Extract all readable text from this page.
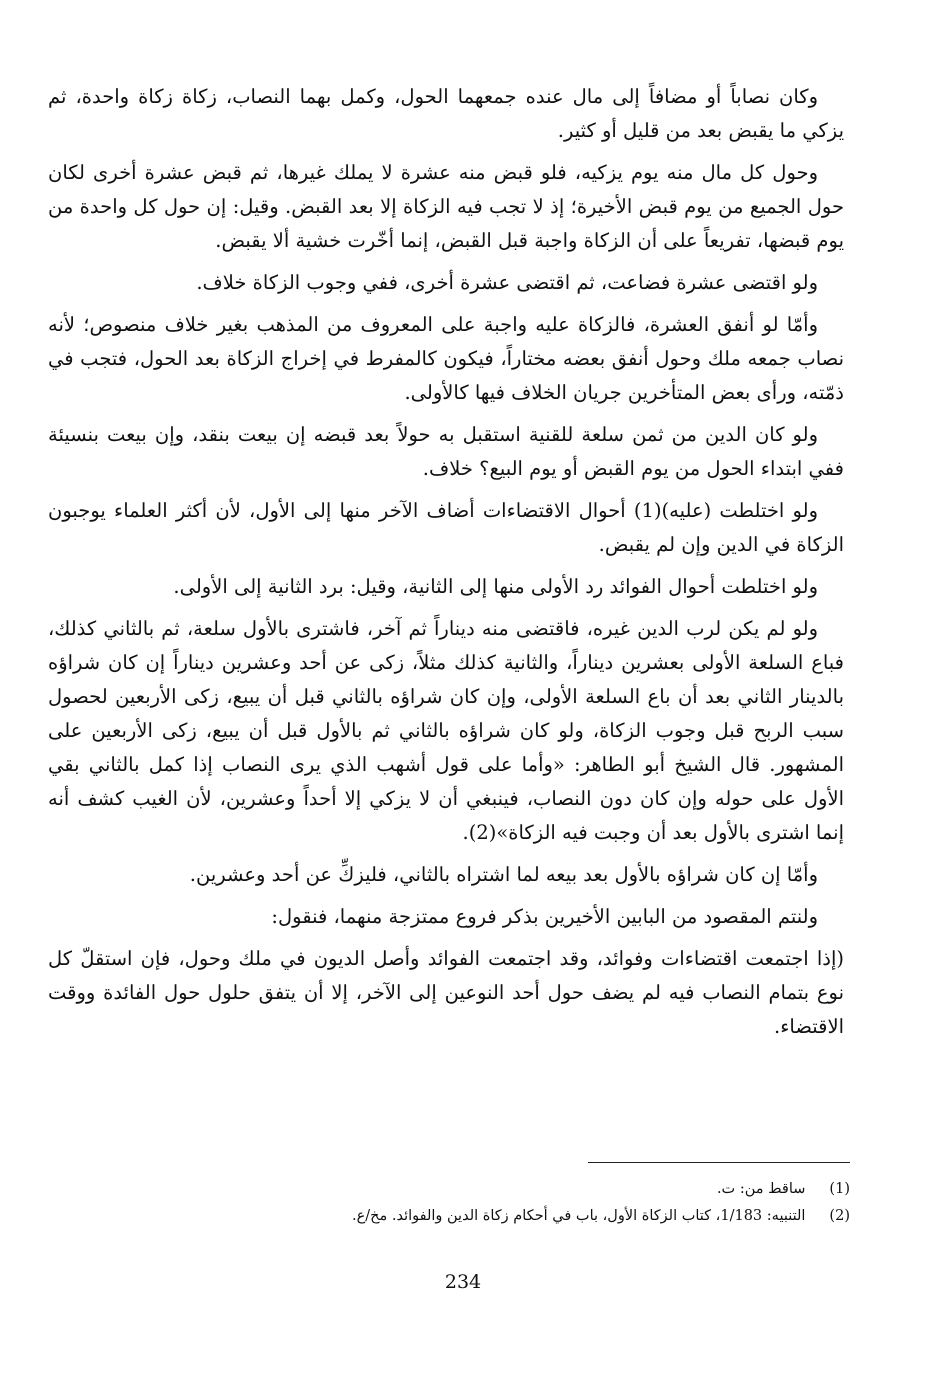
وكان نصاباً أو مضافاً إلى مال عنده جمعهما الحول، وكمل بهما النصاب، زكاة زكاة واحدة، ثم يزكي ما يقبض بعد من قليل أو كثير.

وحول كل مال منه يوم يزكيه، فلو قبض منه عشرة لا يملك غيرها، ثم قبض عشرة أخرى لكان حول الجميع من يوم قبض الأخيرة؛ إذ لا تجب فيه الزكاة إلا بعد القبض. وقيل: إن حول كل واحدة من يوم قبضها، تفريعاً على أن الزكاة واجبة قبل القبض، إنما أخّرت خشية ألا يقبض.

ولو اقتضى عشرة فضاعت، ثم اقتضى عشرة أخرى، ففي وجوب الزكاة خلاف.

وأمّا لو أنفق العشرة، فالزكاة عليه واجبة على المعروف من المذهب بغير خلاف منصوص؛ لأنه نصاب جمعه ملك وحول أنفق بعضه مختاراً، فيكون كالمفرط في إخراج الزكاة بعد الحول، فتجب في ذمّته، ورأى بعض المتأخرين جريان الخلاف فيها كالأولى.

ولو كان الدين من ثمن سلعة للقنية استقبل به حولاً بعد قبضه إن بيعت بنقد، وإن بيعت بنسيئة ففي ابتداء الحول من يوم القبض أو يوم البيع؟ خلاف.

ولو اختلطت (عليه)(1) أحوال الاقتضاءات أضاف الآخر منها إلى الأول، لأن أكثر العلماء يوجبون الزكاة في الدين وإن لم يقبض.

ولو اختلطت أحوال الفوائد رد الأولى منها إلى الثانية، وقيل: برد الثانية إلى الأولى.

ولو لم يكن لرب الدين غيره، فاقتضى منه ديناراً ثم آخر، فاشترى بالأول سلعة، ثم بالثاني كذلك، فباع السلعة الأولى بعشرين ديناراً، والثانية كذلك مثلاً، زكى عن أحد وعشرين ديناراً إن كان شراؤه بالدينار الثاني بعد أن باع السلعة الأولى، وإن كان شراؤه بالثاني قبل أن يبيع، زكى الأربعين لحصول سبب الربح قبل وجوب الزكاة، ولو كان شراؤه بالثاني ثم بالأول قبل أن يبيع، زكى الأربعين على المشهور. قال الشيخ أبو الطاهر: «وأما على قول أشهب الذي يرى النصاب إذا كمل بالثاني بقي الأول على حوله وإن كان دون النصاب، فينبغي أن لا يزكي إلا أحداً وعشرين، لأن الغيب كشف أنه إنما اشترى بالأول بعد أن وجبت فيه الزكاة»(2).

وأمّا إن كان شراؤه بالأول بعد بيعه لما اشتراه بالثاني، فليزكِّ عن أحد وعشرين.

ولنتم المقصود من البابين الأخيرين بذكر فروع ممتزجة منهما، فنقول:

(إذا اجتمعت اقتضاءات وفوائد، وقد اجتمعت الفوائد وأصل الديون في ملك وحول، فإن استقلّ كل نوع بتمام النصاب فيه لم يضف حول أحد النوعين إلى الآخر، إلا أن يتفق حلول حول الفائدة ووقت الاقتضاء.

(1) ساقط من: ت.
(2) التنبيه: 1/183، كتاب الزكاة الأول، باب في أحكام زكاة الدين والفوائد. مخ/ع.
234
